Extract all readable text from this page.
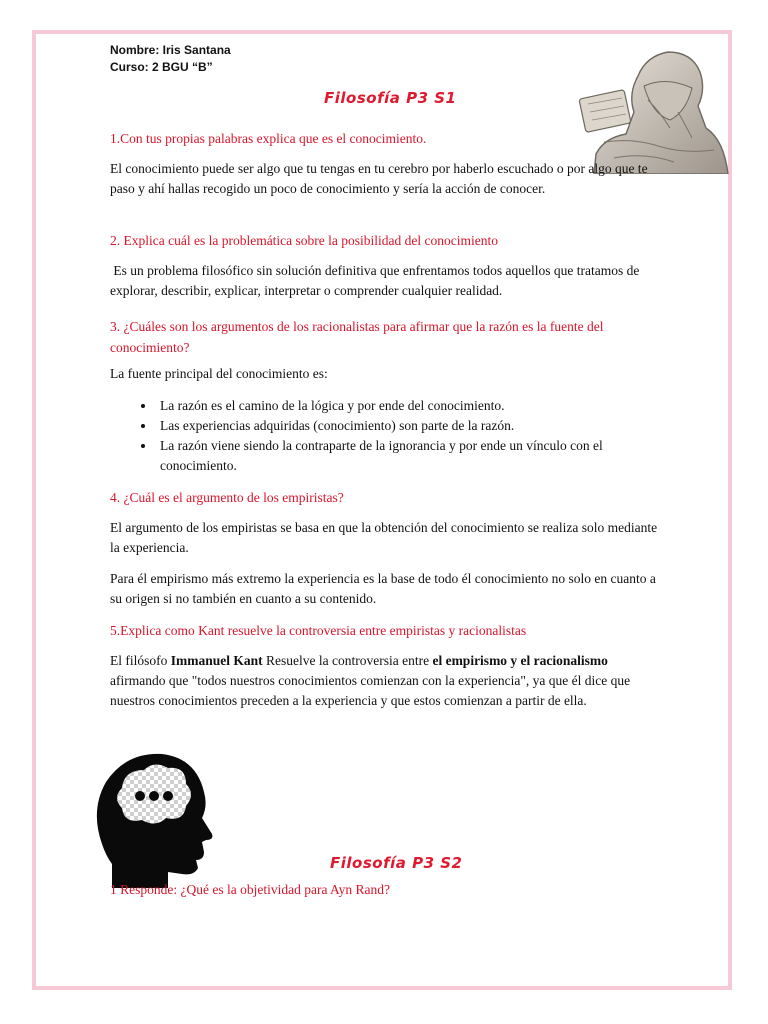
Nombre: Iris Santana
Curso: 2 BGU “B”
Filosofía P3 S1
1.Con tus propias palabras explica que es el conocimiento.
El conocimiento puede ser algo que tu tengas en tu cerebro por haberlo escuchado o por algo que te paso y ahí hallas recogido un poco de conocimiento y sería la acción de conocer.
2. Explica cuál es la problemática sobre la posibilidad del conocimiento
Es un problema filosófico sin solución definitiva que enfrentamos todos aquellos que tratamos de explorar, describir, explicar, interpretar o comprender cualquier realidad.
3. ¿Cuáles son los argumentos de los racionalistas para afirmar que la razón es la fuente del conocimiento?
La fuente principal del conocimiento es:
• La razón es el camino de la lógica y por ende del conocimiento.
• Las experiencias adquiridas (conocimiento) son parte de la razón.
• La razón viene siendo la contraparte de la ignorancia y por ende un vínculo con el conocimiento.
4. ¿Cuál es el argumento de los empiristas?
El argumento de los empiristas se basa en que la obtención del conocimiento se realiza solo mediante la experiencia.
Para él empirismo más extremo la experiencia es la base de todo él conocimiento no solo en cuanto a su origen si no también en cuanto a su contenido.
5.Explica como Kant resuelve la controversia entre empiristas y racionalistas
El filósofo Immanuel Kant Resuelve la controversia entre el empirismo y el racionalismo afirmando que "todos nuestros conocimientos comienzan con la experiencia", ya que él dice que nuestros conocimientos preceden a la experiencia y que estos comienzan a partir de ella.
Filosofía P3 S2
1 Responde: ¿Qué es la objetividad para Ayn Rand?
